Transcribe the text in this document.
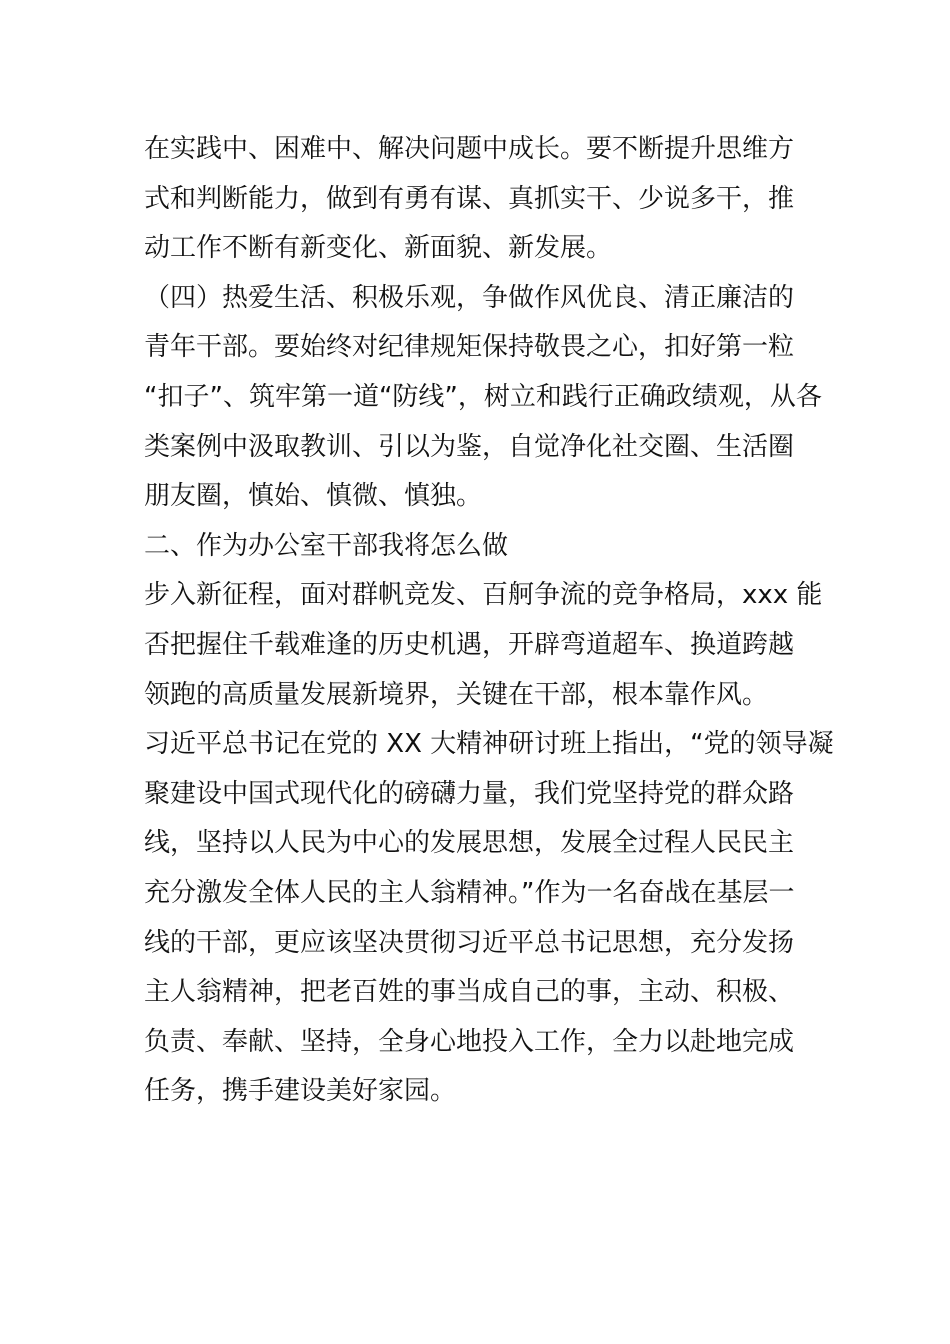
在实践中、困难中、解决问题中成长。要不断提升思维方
式和判断能力，做到有勇有谋、真抓实干、少说多干，推
动工作不断有新变化、新面貌、新发展。
（四）热爱生活、积极乐观，争做作风优良、清正廉洁的
青年干部。要始终对纪律规矩保持敬畏之心，扣好第一粒
“扣子”、筑牢第一道“防线”，树立和践行正确政绩观，从各
类案例中汲取教训、引以为鉴，自觉净化社交圈、生活圈
朋友圈，慎始、慎微、慎独。
二、作为办公室干部我将怎么做
步入新征程，面对群帆竞发、百舸争流的竞争格局，xxx 能
否把握住千载难逢的历史机遇，开辟弯道超车、换道跨越
领跑的高质量发展新境界，关键在干部，根本靠作风。
习近平总书记在党的 XX 大精神研讨班上指出，“党的领导凝
聚建设中国式现代化的磅礴力量，我们党坚持党的群众路
线，坚持以人民为中心的发展思想，发展全过程人民民主
充分激发全体人民的主人翁精神。”作为一名奋战在基层一
线的干部，更应该坚决贯彻习近平总书记思想，充分发扬
主人翁精神，把老百姓的事当成自己的事，主动、积极、
负责、奉献、坚持，全身心地投入工作，全力以赴地完成
任务，携手建设美好家园。
